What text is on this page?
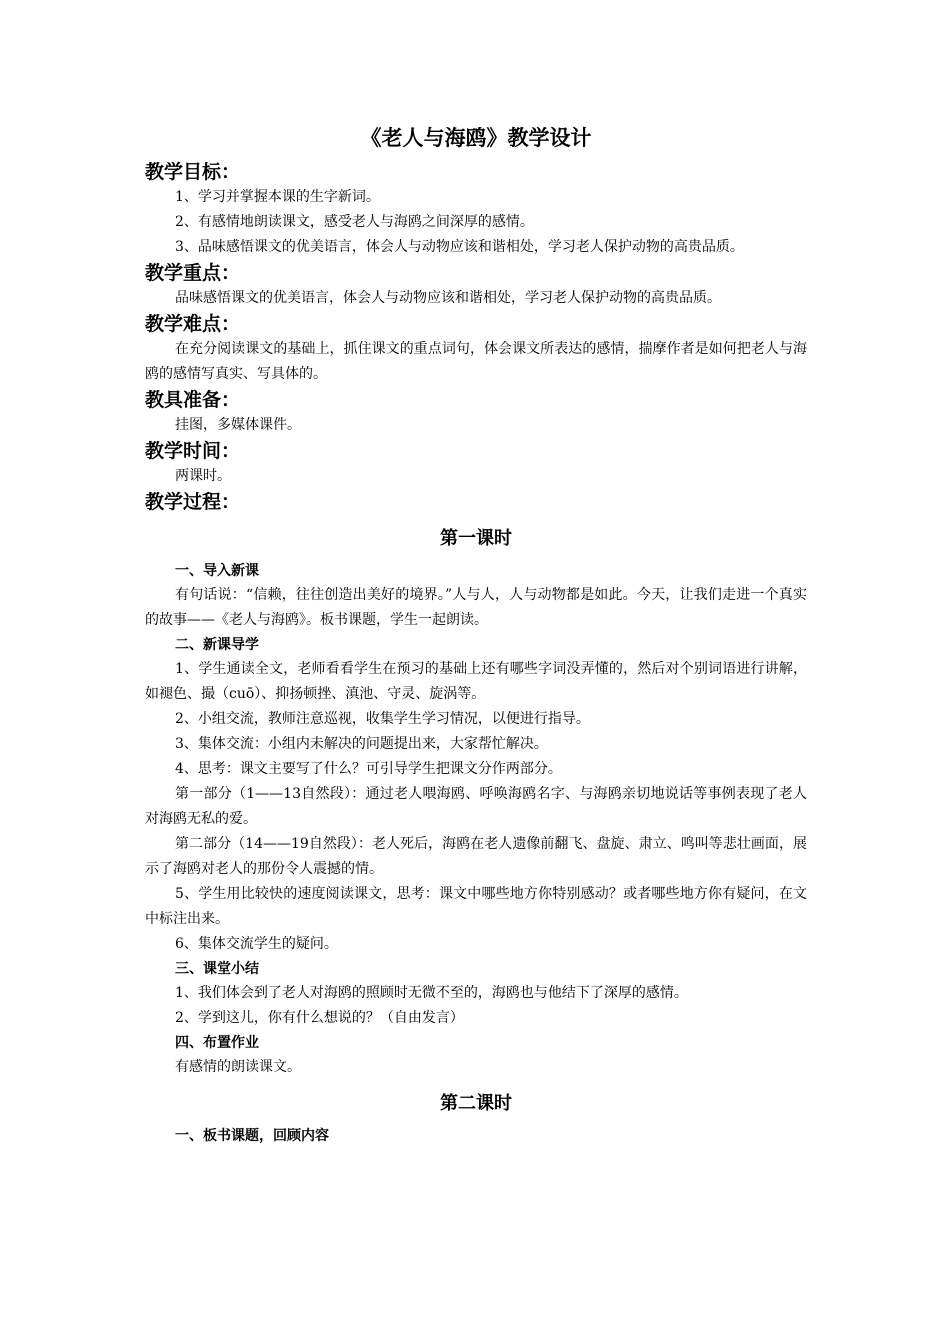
《老人与海鸥》教学设计
教学目标：

1、学习并掌握本课的生字新词。

2、有感情地朗读课文，感受老人与海鸥之间深厚的感情。

3、品味感悟课文的优美语言，体会人与动物应该和谐相处，学习老人保护动物的高贵品质。

教学重点：

品味感悟课文的优美语言，体会人与动物应该和谐相处，学习老人保护动物的高贵品质。

教学难点：

在充分阅读课文的基础上，抓住课文的重点词句，体会课文所表达的感情，揣摩作者是如何把老人与海鸥的感情写真实、写具体的。

教具准备：

挂图，多媒体课件。

教学时间：

两课时。

教学过程：
第一课时
一、导入新课

有句话说：“信赖，往往创造出美好的境界。”人与人，人与动物都是如此。今天，让我们走进一个真实的故事——《老人与海鸥》。板书课题，学生一起朗读。

二、新课导学

1、学生通读全文，老师看看学生在预习的基础上还有哪些字词没弄懂的，然后对个别词语进行讲解，如褪色、撮（cuō）、抑扬顿挫、滇池、守灵、旋涡等。

2、小组交流，教师注意巡视，收集学生学习情况，以便进行指导。

3、集体交流：小组内未解决的问题提出来，大家帮忙解决。

4、思考：课文主要写了什么？可引导学生把课文分作两部分。

第一部分（1——13自然段）：通过老人喂海鸥、呼唤海鸥名字、与海鸥亲切地说话等事例表现了老人对海鸥无私的爱。

第二部分（14——19自然段）：老人死后，海鸥在老人遗像前翻飞、盘旋、肃立、鸣叫等悲壮画面，展示了海鸥对老人的那份令人震撼的情。

5、学生用比较快的速度阅读课文，思考：课文中哪些地方你特别感动？或者哪些地方你有疑问，在文中标注出来。

6、集体交流学生的疑问。

三、课堂小结

1、我们体会到了老人对海鸥的照顾时无微不至的，海鸥也与他结下了深厚的感情。

2、学到这儿，你有什么想说的？（自由发言）

四、布置作业

有感情的朗读课文。

第二课时
一、板书课题，回顾内容
